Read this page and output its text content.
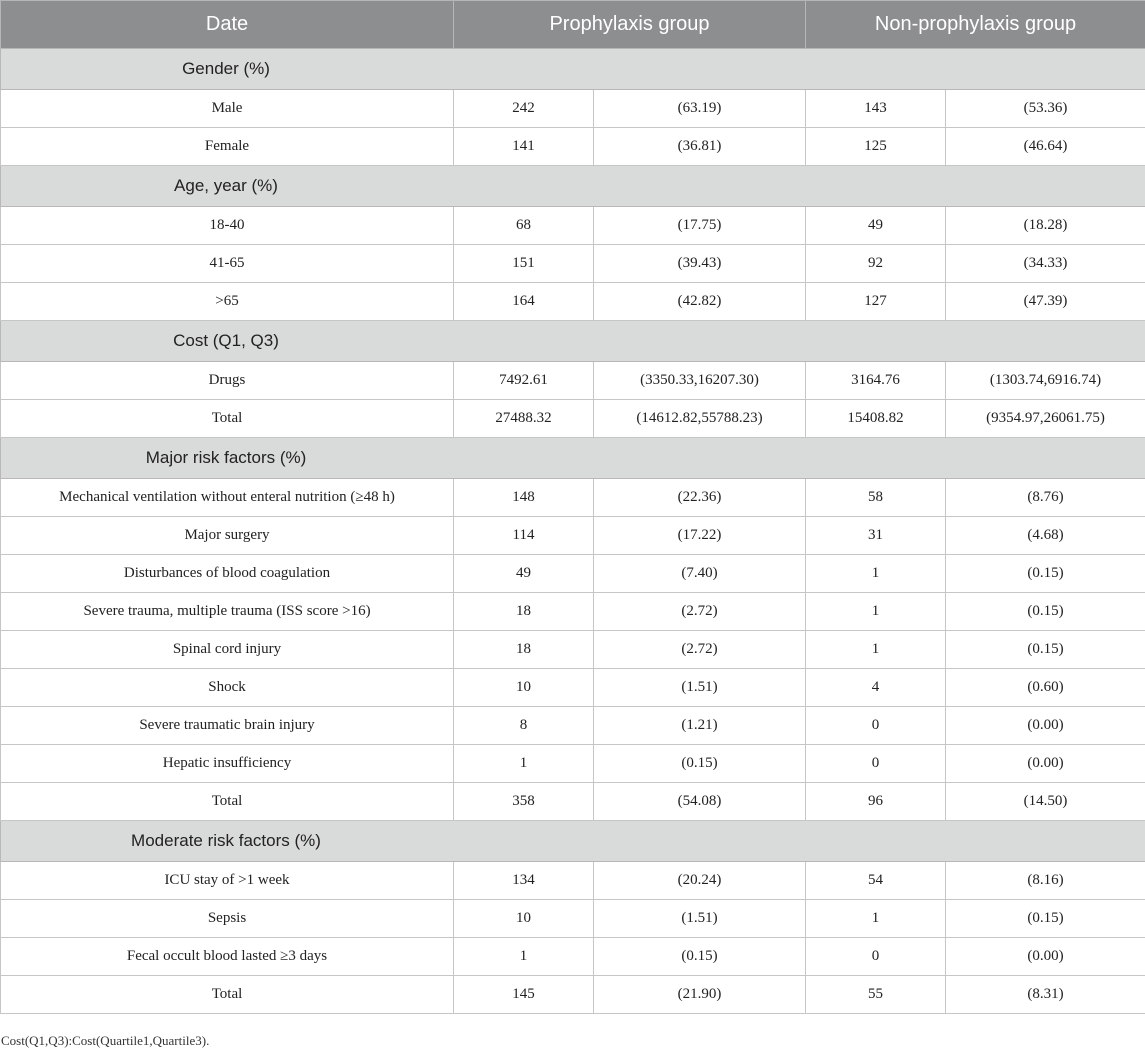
Date	Prophylaxis group		Non-prophylaxis group	
Gender (%)				
Male	242	(63.19)	143	(53.36)
Female	141	(36.81)	125	(46.64)
Age, year (%)				
18-40	68	(17.75)	49	(18.28)
41-65	151	(39.43)	92	(34.33)
>65	164	(42.82)	127	(47.39)
Cost (Q1, Q3)				
Drugs	7492.61	(3350.33,16207.30)	3164.76	(1303.74,6916.74)
Total	27488.32	(14612.82,55788.23)	15408.82	(9354.97,26061.75)
Major risk factors (%)				
Mechanical ventilation without enteral nutrition (≥48 h)	148	(22.36)	58	(8.76)
Major surgery	114	(17.22)	31	(4.68)
Disturbances of blood coagulation	49	(7.40)	1	(0.15)
Severe trauma, multiple trauma (ISS score >16)	18	(2.72)	1	(0.15)
Spinal cord injury	18	(2.72)	1	(0.15)
Shock	10	(1.51)	4	(0.60)
Severe traumatic brain injury	8	(1.21)	0	(0.00)
Hepatic insufficiency	1	(0.15)	0	(0.00)
Total	358	(54.08)	96	(14.50)
Moderate risk factors (%)				
ICU stay of >1 week	134	(20.24)	54	(8.16)
Sepsis	10	(1.51)	1	(0.15)
Fecal occult blood lasted ≥3 days	1	(0.15)	0	(0.00)
Total	145	(21.90)	55	(8.31)
Cost(Q1,Q3):Cost(Quartile1,Quartile3).
